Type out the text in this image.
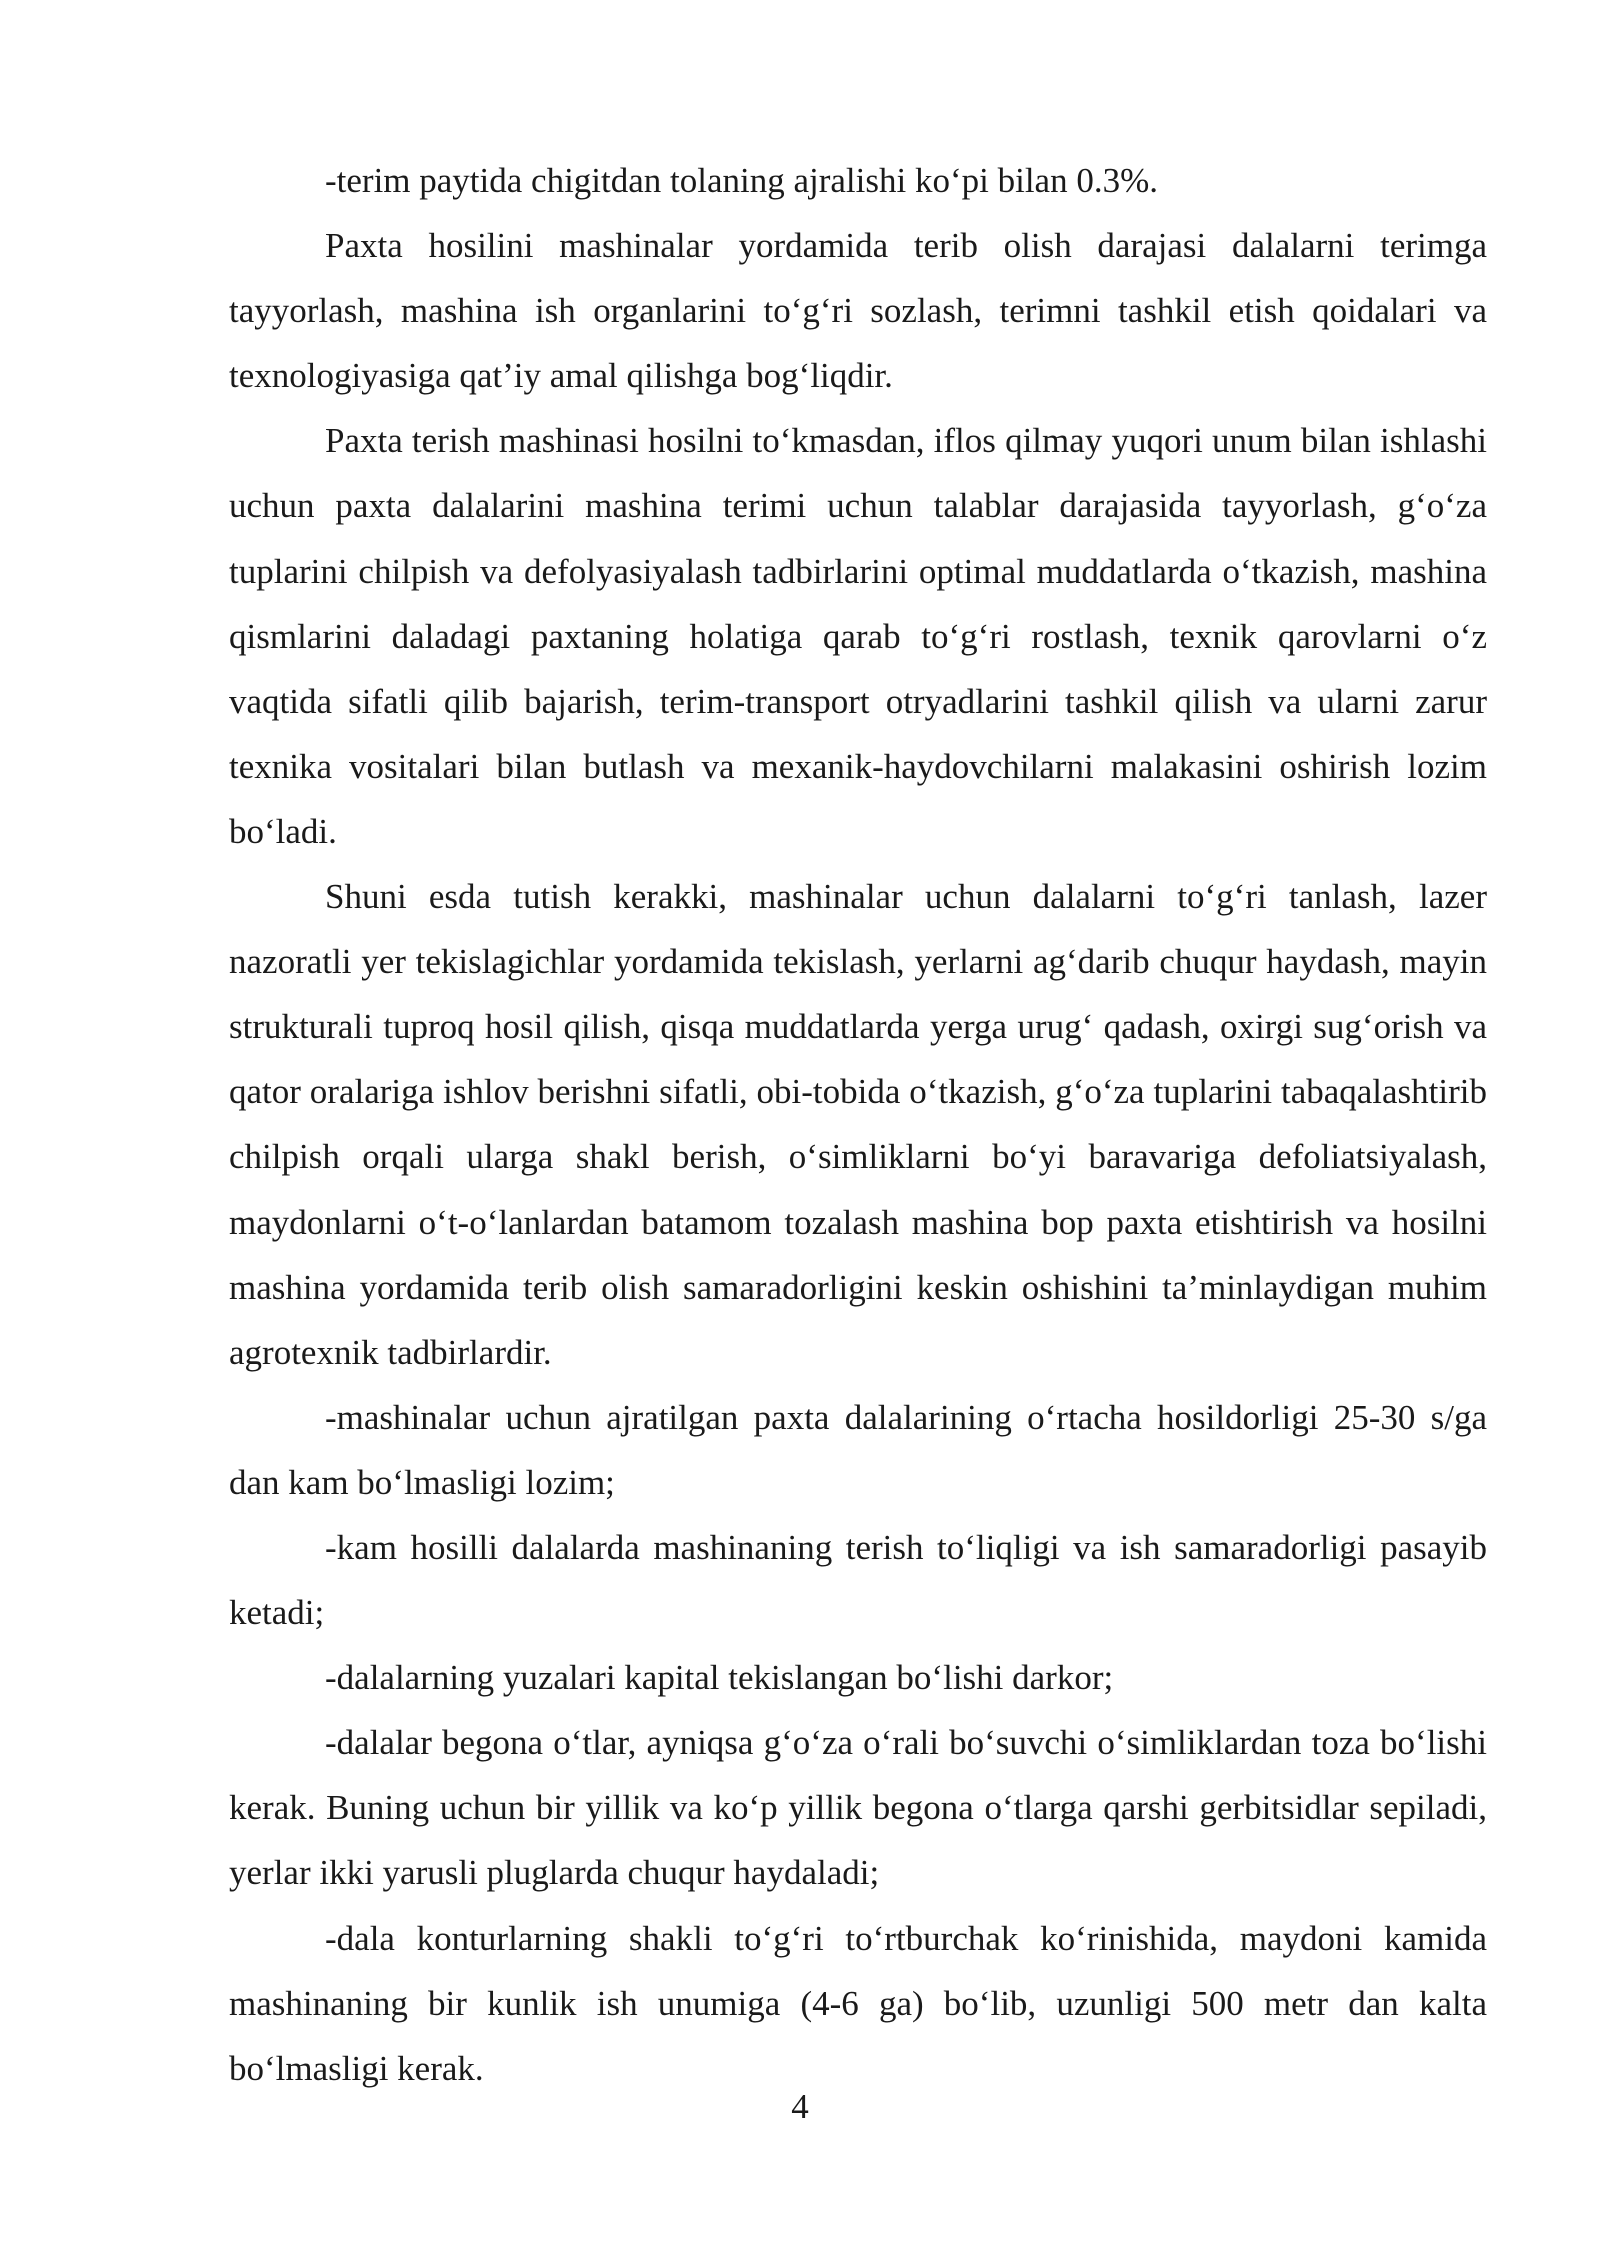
-terim paytida chigitdan tolaning ajralishi ko‘pi bilan 0.3%.

Paxta hosilini mashinalar yordamida terib olish darajasi dalalarni terimga tayyorlash, mashina ish organlarini to‘g‘ri sozlash, terimni tashkil etish qoidalari va texnologiyasiga qat’iy amal qilishga bog‘liqdir.

Paxta terish mashinasi hosilni to‘kmasdan, iflos qilmay yuqori unum bilan ishlashi uchun paxta dalalarini mashina terimi uchun talablar darajasida tayyorlash, g‘o‘za tuplarini chilpish va defolyasiyalash tadbirlarini optimal muddatlarda o‘tkazish, mashina qismlarini daladagi paxtaning holatiga qarab to‘g‘ri rostlash, texnik qarovlarni o‘z vaqtida sifatli qilib bajarish, terim-transport otryadlarini tashkil qilish va ularni zarur texnika vositalari bilan butlash va mexanik-haydovchilarni malakasini oshirish lozim bo‘ladi.

Shuni esda tutish kerakki, mashinalar uchun dalalarni to‘g‘ri tanlash, lazer nazoratli yer tekislagichlar yordamida tekislash, yerlarni ag‘darib chuqur haydash, mayin strukturali tuproq hosil qilish, qisqa muddatlarda yerga urug‘ qadash, oxirgi sug‘orish va qator oralariga ishlov berishni sifatli, obi-tobida o‘tkazish, g‘o‘za tuplarini tabaqalashtirib chilpish orqali ularga shakl berish, o‘simliklarni bo‘yi baravariga defoliatsiyalash, maydonlarni o‘t-o‘lanlardan batamom tozalash mashina bop paxta etishtirish va hosilni mashina yordamida terib olish samaradorligini keskin oshishini ta’minlaydigan muhim agrotexnik tadbirlardir.

-mashinalar uchun ajratilgan paxta dalalarining o‘rtacha hosildorligi 25-30 s/ga dan kam bo‘lmasligi lozim;

-kam hosilli dalalarda mashinaning terish to‘liqligi va ish samaradorligi pasayib ketadi;

-dalalarning yuzalari kapital tekislangan bo‘lishi darkor;

-dalalar begona o‘tlar, ayniqsa g‘o‘za o‘rali bo‘suvchi o‘simliklardan toza bo‘lishi kerak. Buning uchun bir yillik va ko‘p yillik begona o‘tlarga qarshi gerbitsidlar sepiladi, yerlar ikki yarusli pluglarda chuqur haydaladi;

-dala konturlarning shakli to‘g‘ri to‘rtburchak ko‘rinishida, maydoni kamida mashinaning bir kunlik ish unumiga (4-6 ga) bo‘lib, uzunligi 500 metr dan kalta bo‘lmasligi kerak.

4
